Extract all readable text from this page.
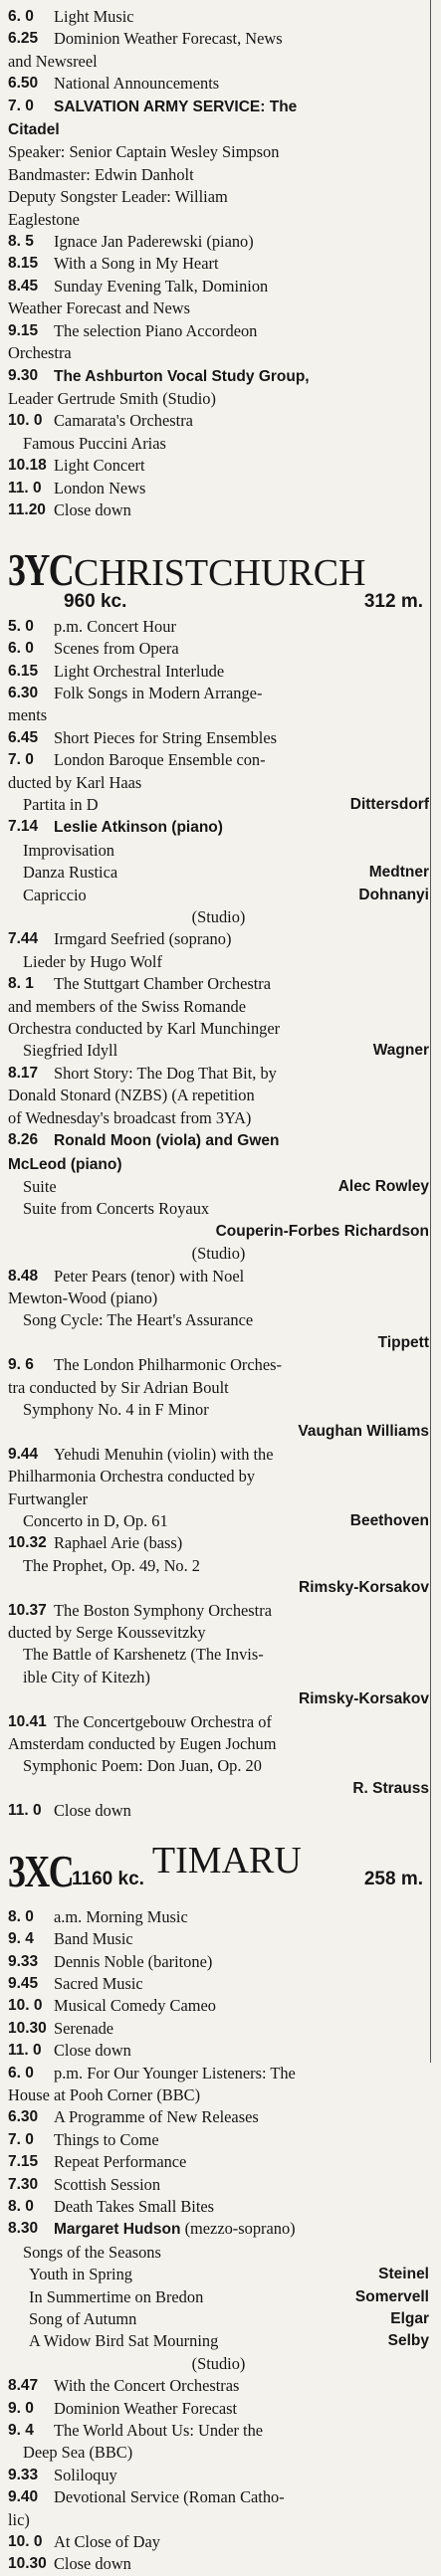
6. 0	Light Music
6.25 Dominion Weather Forecast, News
and Newsreel
6.50 National Announcements
7. 0	SALVATION ARMY SERVICE: The
Citadel
Speaker: Senior Captain Wesley Simpson
Bandmaster: Edwin Danholt
Deputy Songster Leader: William
Eaglestone
8. 5	Ignace Jan Paderewski (piano)
8.15 With a Song in My Heart
8.45 Sunday Evening Talk, Dominion
Weather Forecast and News
9.15 The selection Piano Accordeon
Orchestra
9.30	The Ashburton Vocal Study Group,
Leader Gertrude Smith (Studio)
10. 0 Camarata's Orchestra
Famous Puccini Arias
10.18 Light Concert
11. 0 London News
11.20 Close down
3YC CHRISTCHURCH
960 kc.	312 m.
5. 0	p.m. Concert Hour
6. 0	Scenes from Opera
6.15 Light Orchestral Interlude
6.30 Folk Songs in Modern Arrange-
ments
6.45 Short Pieces for String Ensembles
7. 0	London Baroque Ensemble con-
ducted by Karl Haas
Partita in D	Dittersdorf
7.14	Leslie Atkinson (piano)
Improvisation
Danza Rustica	Medtner
Capriccio	Dohnanyi
(Studio)
7.44 Irmgard Seefried (soprano)
Lieder by Hugo Wolf
8. 1	The Stuttgart Chamber Orchestra
and members of the Swiss Romande
Orchestra conducted by Karl Munchinger
Siegfried Idyll	Wagner
8.17 Short Story: The Dog That Bit, by
Donald Stonard (NZBS) (A repetition
of Wednesday's broadcast from 3YA)
8.26	Ronald Moon (viola) and Gwen
McLeod (piano)
Suite	Alec Rowley
Suite from Concerts Royaux
Couperin-Forbes Richardson
(Studio)
8.48 Peter Pears (tenor) with Noel
Mewton-Wood (piano)
Song Cycle: The Heart's Assurance
Tippett
9. 6	The London Philharmonic Orches-
tra conducted by Sir Adrian Boult
Symphony No. 4 in F Minor
Vaughan Williams
9.44 Yehudi Menuhin (violin) with the
Philharmonia Orchestra conducted by
Furtwangler
Concerto in D, Op. 61	Beethoven
10.32 Raphael Arie (bass)
The Prophet, Op. 49, No. 2
Rimsky-Korsakov
10.37 The Boston Symphony Orchestra
ducted by Serge Koussevitzky
The Battle of Karshenetz (The Invis-
ible City of Kitezh)
Rimsky-Korsakov
10.41 The Concertgebouw Orchestra of
Amsterdam conducted by Eugen Jochum
Symphonic Poem: Don Juan, Op. 20
R. Strauss
11. 0 Close down
3XC
1160 kc. TIMARU	258 m.
8. 0	a.m. Morning Music
9. 4	Band Music
9.33 Dennis Noble (baritone)
9.45 Sacred Music
10. 0 Musical Comedy Cameo
10.30 Serenade
11. 0 Close down
6. 0	p.m. For Our Younger Listeners: The
House at Pooh Corner (BBC)
6.30 A Programme of New Releases
7. 0	Things to Come
7.15 Repeat Performance
7.30 Scottish Session
8. 0	Death Takes Small Bites
8.30	Margaret Hudson (mezzo-soprano)
Songs of the Seasons
Youth in Spring	Steinel
In Summertime on Bredon	Somervell
Song of Autumn	Elgar
A Widow Bird Sat Mourning	Selby
(Studio)
8.47 With the Concert Orchestras
9. 0	Dominion Weather Forecast
9. 4	The World About Us: Under the
Deep Sea (BBC)
9.33 Soliloquy
9.40 Devotional Service (Roman Catho-
lic)
10. 0 At Close of Day
10.30 Close down
